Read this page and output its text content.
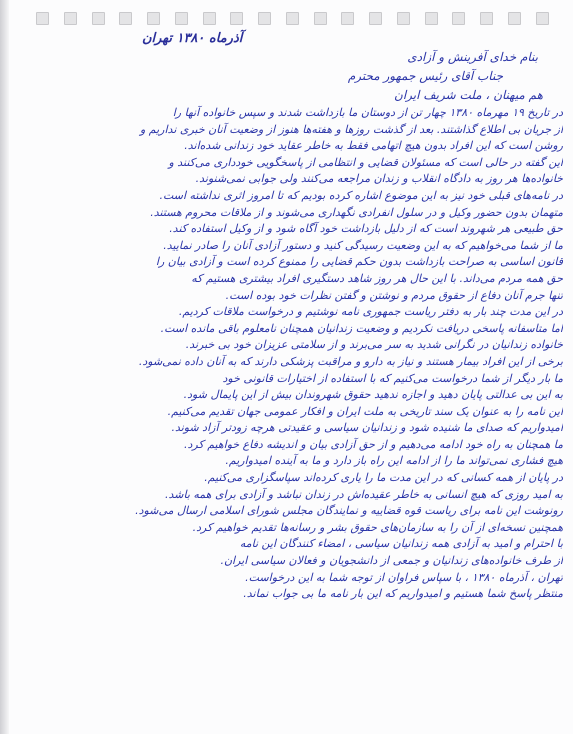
آذرماه ۱۳۸۰ تهران
بنام خدای آفرینش و آزادی
جناب آقای رئیس جمهور محترم
هم میهنان ، ملت شریف ایران
در تاریخ ۱۹ مهرماه ۱۳۸۰ چهار تن از دوستان ما بازداشت شدند و سپس خانواده آنها را
از جریان بی اطلاع گذاشتند. بعد از گذشت روزها و هفته‌ها هنوز از وضعیت آنان خبری نداریم و
روشن است که این افراد بدون هیچ اتهامی فقط به خاطر عقاید خود زندانی شده‌اند.
این گفته در حالی است که مسئولان قضایی و انتظامی از پاسخگویی خودداری می‌کنند و
خانواده‌ها هر روز به دادگاه انقلاب و زندان مراجعه می‌کنند ولی جوابی نمی‌شنوند.
در نامه‌های قبلی خود نیز به این موضوع اشاره کرده بودیم که تا امروز اثری نداشته است.
متهمان بدون حضور وکیل و در سلول انفرادی نگهداری می‌شوند و از ملاقات محروم هستند.
حق طبیعی هر شهروند است که از دلیل بازداشت خود آگاه شود و از وکیل استفاده کند.
ما از شما می‌خواهیم که به این وضعیت رسیدگی کنید و دستور آزادی آنان را صادر نمایید.
قانون اساسی به صراحت بازداشت بدون حکم قضایی را ممنوع کرده است و آزادی بیان را
حق همه مردم می‌داند. با این حال هر روز شاهد دستگیری افراد بیشتری هستیم که
تنها جرم آنان دفاع از حقوق مردم و نوشتن و گفتن نظرات خود بوده است.
در این مدت چند بار به دفتر ریاست جمهوری نامه نوشتیم و درخواست ملاقات کردیم.
اما متاسفانه پاسخی دریافت نکردیم و وضعیت زندانیان همچنان نامعلوم باقی مانده است.
خانواده زندانیان در نگرانی شدید به سر می‌برند و از سلامتی عزیزان خود بی خبرند.
برخی از این افراد بیمار هستند و نیاز به دارو و مراقبت پزشکی دارند که به آنان داده نمی‌شود.
ما بار دیگر از شما درخواست می‌کنیم که با استفاده از اختیارات قانونی خود
به این بی عدالتی پایان دهید و اجازه ندهید حقوق شهروندان بیش از این پایمال شود.
این نامه را به عنوان یک سند تاریخی به ملت ایران و افکار عمومی جهان تقدیم می‌کنیم.
امیدواریم که صدای ما شنیده شود و زندانیان سیاسی و عقیدتی هرچه زودتر آزاد شوند.
ما همچنان به راه خود ادامه می‌دهیم و از حق آزادی بیان و اندیشه دفاع خواهیم کرد.
هیچ فشاری نمی‌تواند ما را از ادامه این راه باز دارد و ما به آینده امیدواریم.
در پایان از همه کسانی که در این مدت ما را یاری کرده‌اند سپاسگزاری می‌کنیم.
به امید روزی که هیچ انسانی به خاطر عقیده‌اش در زندان نباشد و آزادی برای همه باشد.
رونوشت این نامه برای ریاست قوه قضاییه و نمایندگان مجلس شورای اسلامی ارسال می‌شود.
همچنین نسخه‌ای از آن را به سازمان‌های حقوق بشر و رسانه‌ها تقدیم خواهیم کرد.
با احترام و امید به آزادی همه زندانیان سیاسی ، امضاء کنندگان این نامه
از طرف خانواده‌های زندانیان و جمعی از دانشجویان و فعالان سیاسی ایران.
تهران ، آذرماه ۱۳۸۰ ، با سپاس فراوان از توجه شما به این درخواست.
منتظر پاسخ شما هستیم و امیدواریم که این بار نامه ما بی جواب نماند.
